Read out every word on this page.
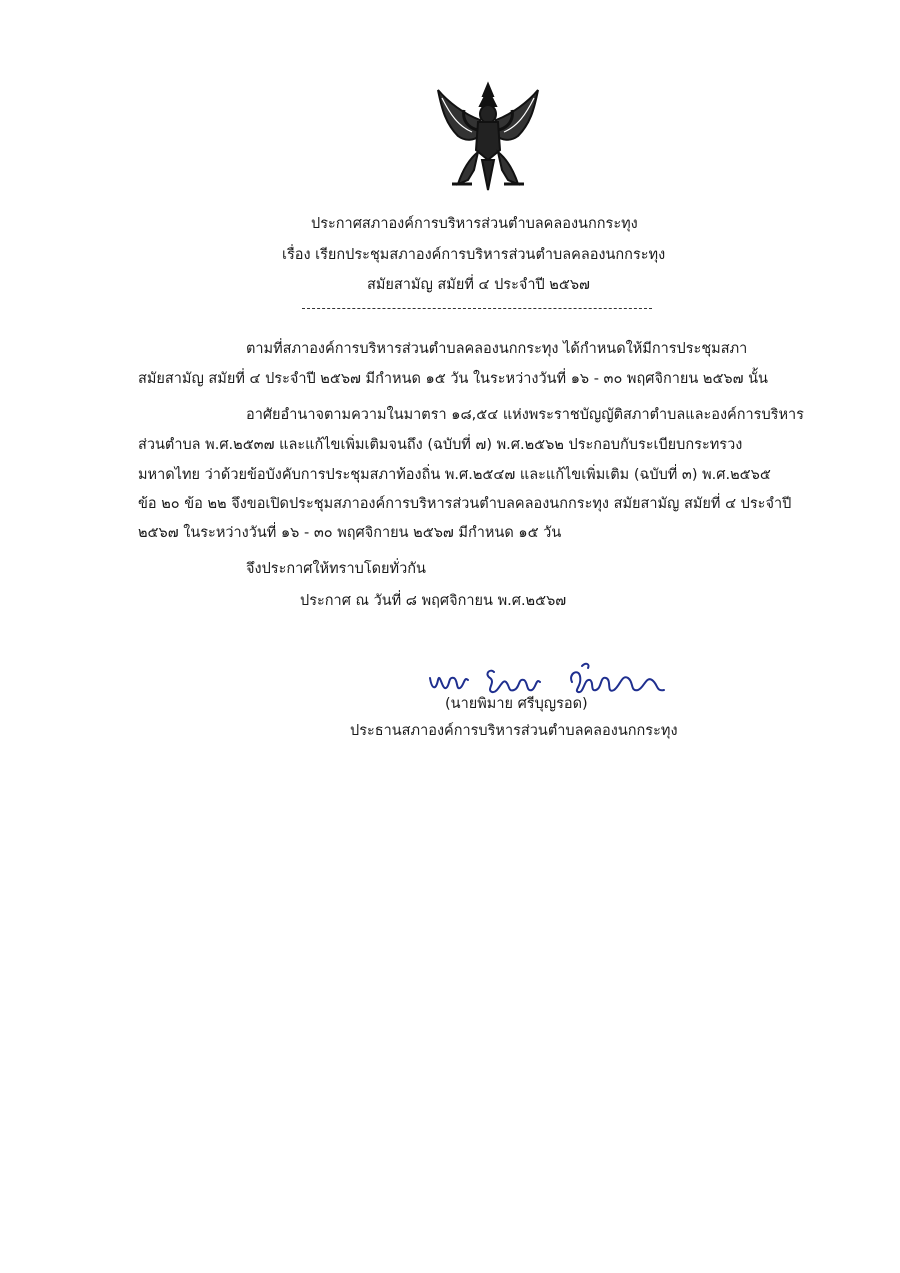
ประกาศสภาองค์การบริหารส่วนตำบลคลองนกกระทุง
เรื่อง เรียกประชุมสภาองค์การบริหารส่วนตำบลคลองนกกระทุง
สมัยสามัญ สมัยที่ ๔ ประจำปี ๒๕๖๗
ตามที่สภาองค์การบริหารส่วนตำบลคลองนกกระทุง ได้กำหนดให้มีการประชุมสภา
สมัยสามัญ สมัยที่ ๔ ประจำปี ๒๕๖๗ มีกำหนด ๑๕ วัน ในระหว่างวันที่ ๑๖ - ๓๐ พฤศจิกายน ๒๕๖๗ นั้น
อาศัยอำนาจตามความในมาตรา ๑๘,๕๔ แห่งพระราชบัญญัติสภาตำบลและองค์การบริหาร
ส่วนตำบล พ.ศ.๒๕๓๗ และแก้ไขเพิ่มเติมจนถึง (ฉบับที่ ๗) พ.ศ.๒๕๖๒ ประกอบกับระเบียบกระทรวง
มหาดไทย ว่าด้วยข้อบังคับการประชุมสภาท้องถิ่น พ.ศ.๒๕๔๗ และแก้ไขเพิ่มเติม (ฉบับที่ ๓) พ.ศ.๒๕๖๕
ข้อ ๒๐ ข้อ ๒๒ จึงขอเปิดประชุมสภาองค์การบริหารส่วนตำบลคลองนกกระทุง สมัยสามัญ สมัยที่ ๔ ประจำปี
๒๕๖๗ ในระหว่างวันที่ ๑๖ - ๓๐ พฤศจิกายน ๒๕๖๗ มีกำหนด ๑๕ วัน
จึงประกาศให้ทราบโดยทั่วกัน
ประกาศ ณ วันที่ ๘ พฤศจิกายน พ.ศ.๒๕๖๗
(นายพิมาย ศรีบุญรอด)
ประธานสภาองค์การบริหารส่วนตำบลคลองนกกระทุง
